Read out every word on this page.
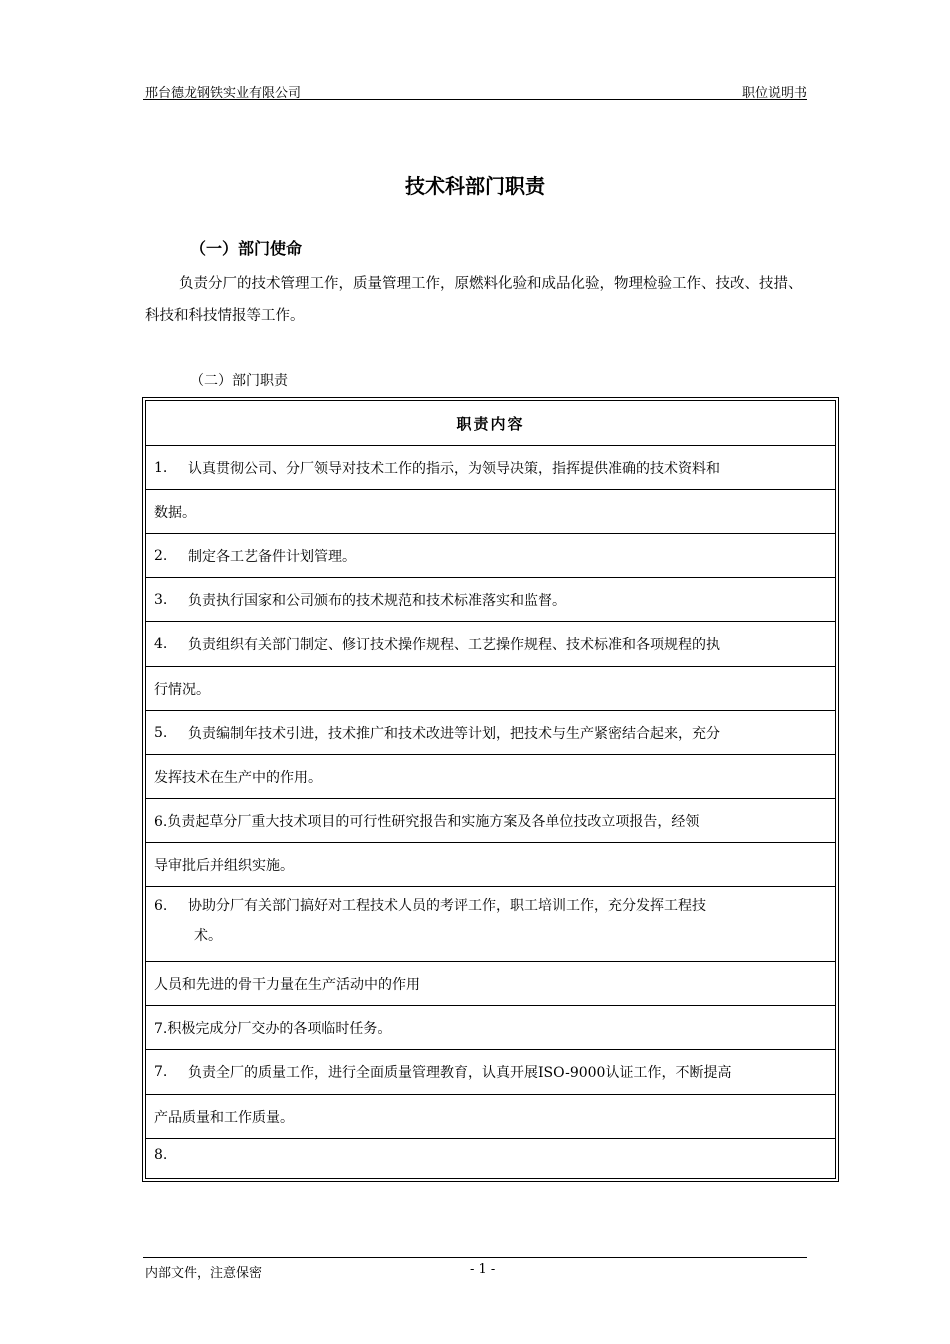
邢台德龙钢铁实业有限公司	职位说明书
技术科部门职责
（一）部门使命
负责分厂的技术管理工作，质量管理工作，原燃料化验和成品化验，物理检验工作、技改、技措、科技和科技情报等工作。
（二）部门职责
职责内容
1.	认真贯彻公司、分厂领导对技术工作的指示，为领导决策，指挥提供准确的技术资料和
数据。
2.	制定各工艺备件计划管理。
3.	负责执行国家和公司颁布的技术规范和技术标准落实和监督。
4.	负责组织有关部门制定、修订技术操作规程、工艺操作规程、技术标准和各项规程的执
行情况。
5.	负责编制年技术引进，技术推广和技术改进等计划，把技术与生产紧密结合起来，充分
发挥技术在生产中的作用。
6.负责起草分厂重大技术项目的可行性研究报告和实施方案及各单位技改立项报告，经领
导审批后并组织实施。
6. 协助分厂有关部门搞好对工程技术人员的考评工作，职工培训工作，充分发挥工程技
术。
人员和先进的骨干力量在生产活动中的作用
7.积极完成分厂交办的各项临时任务。
7.	负责全厂的质量工作，进行全面质量管理教育，认真开展ISO-9000认证工作，不断提高
产品质量和工作质量。
8.
内部文件，注意保密	- 1 -
